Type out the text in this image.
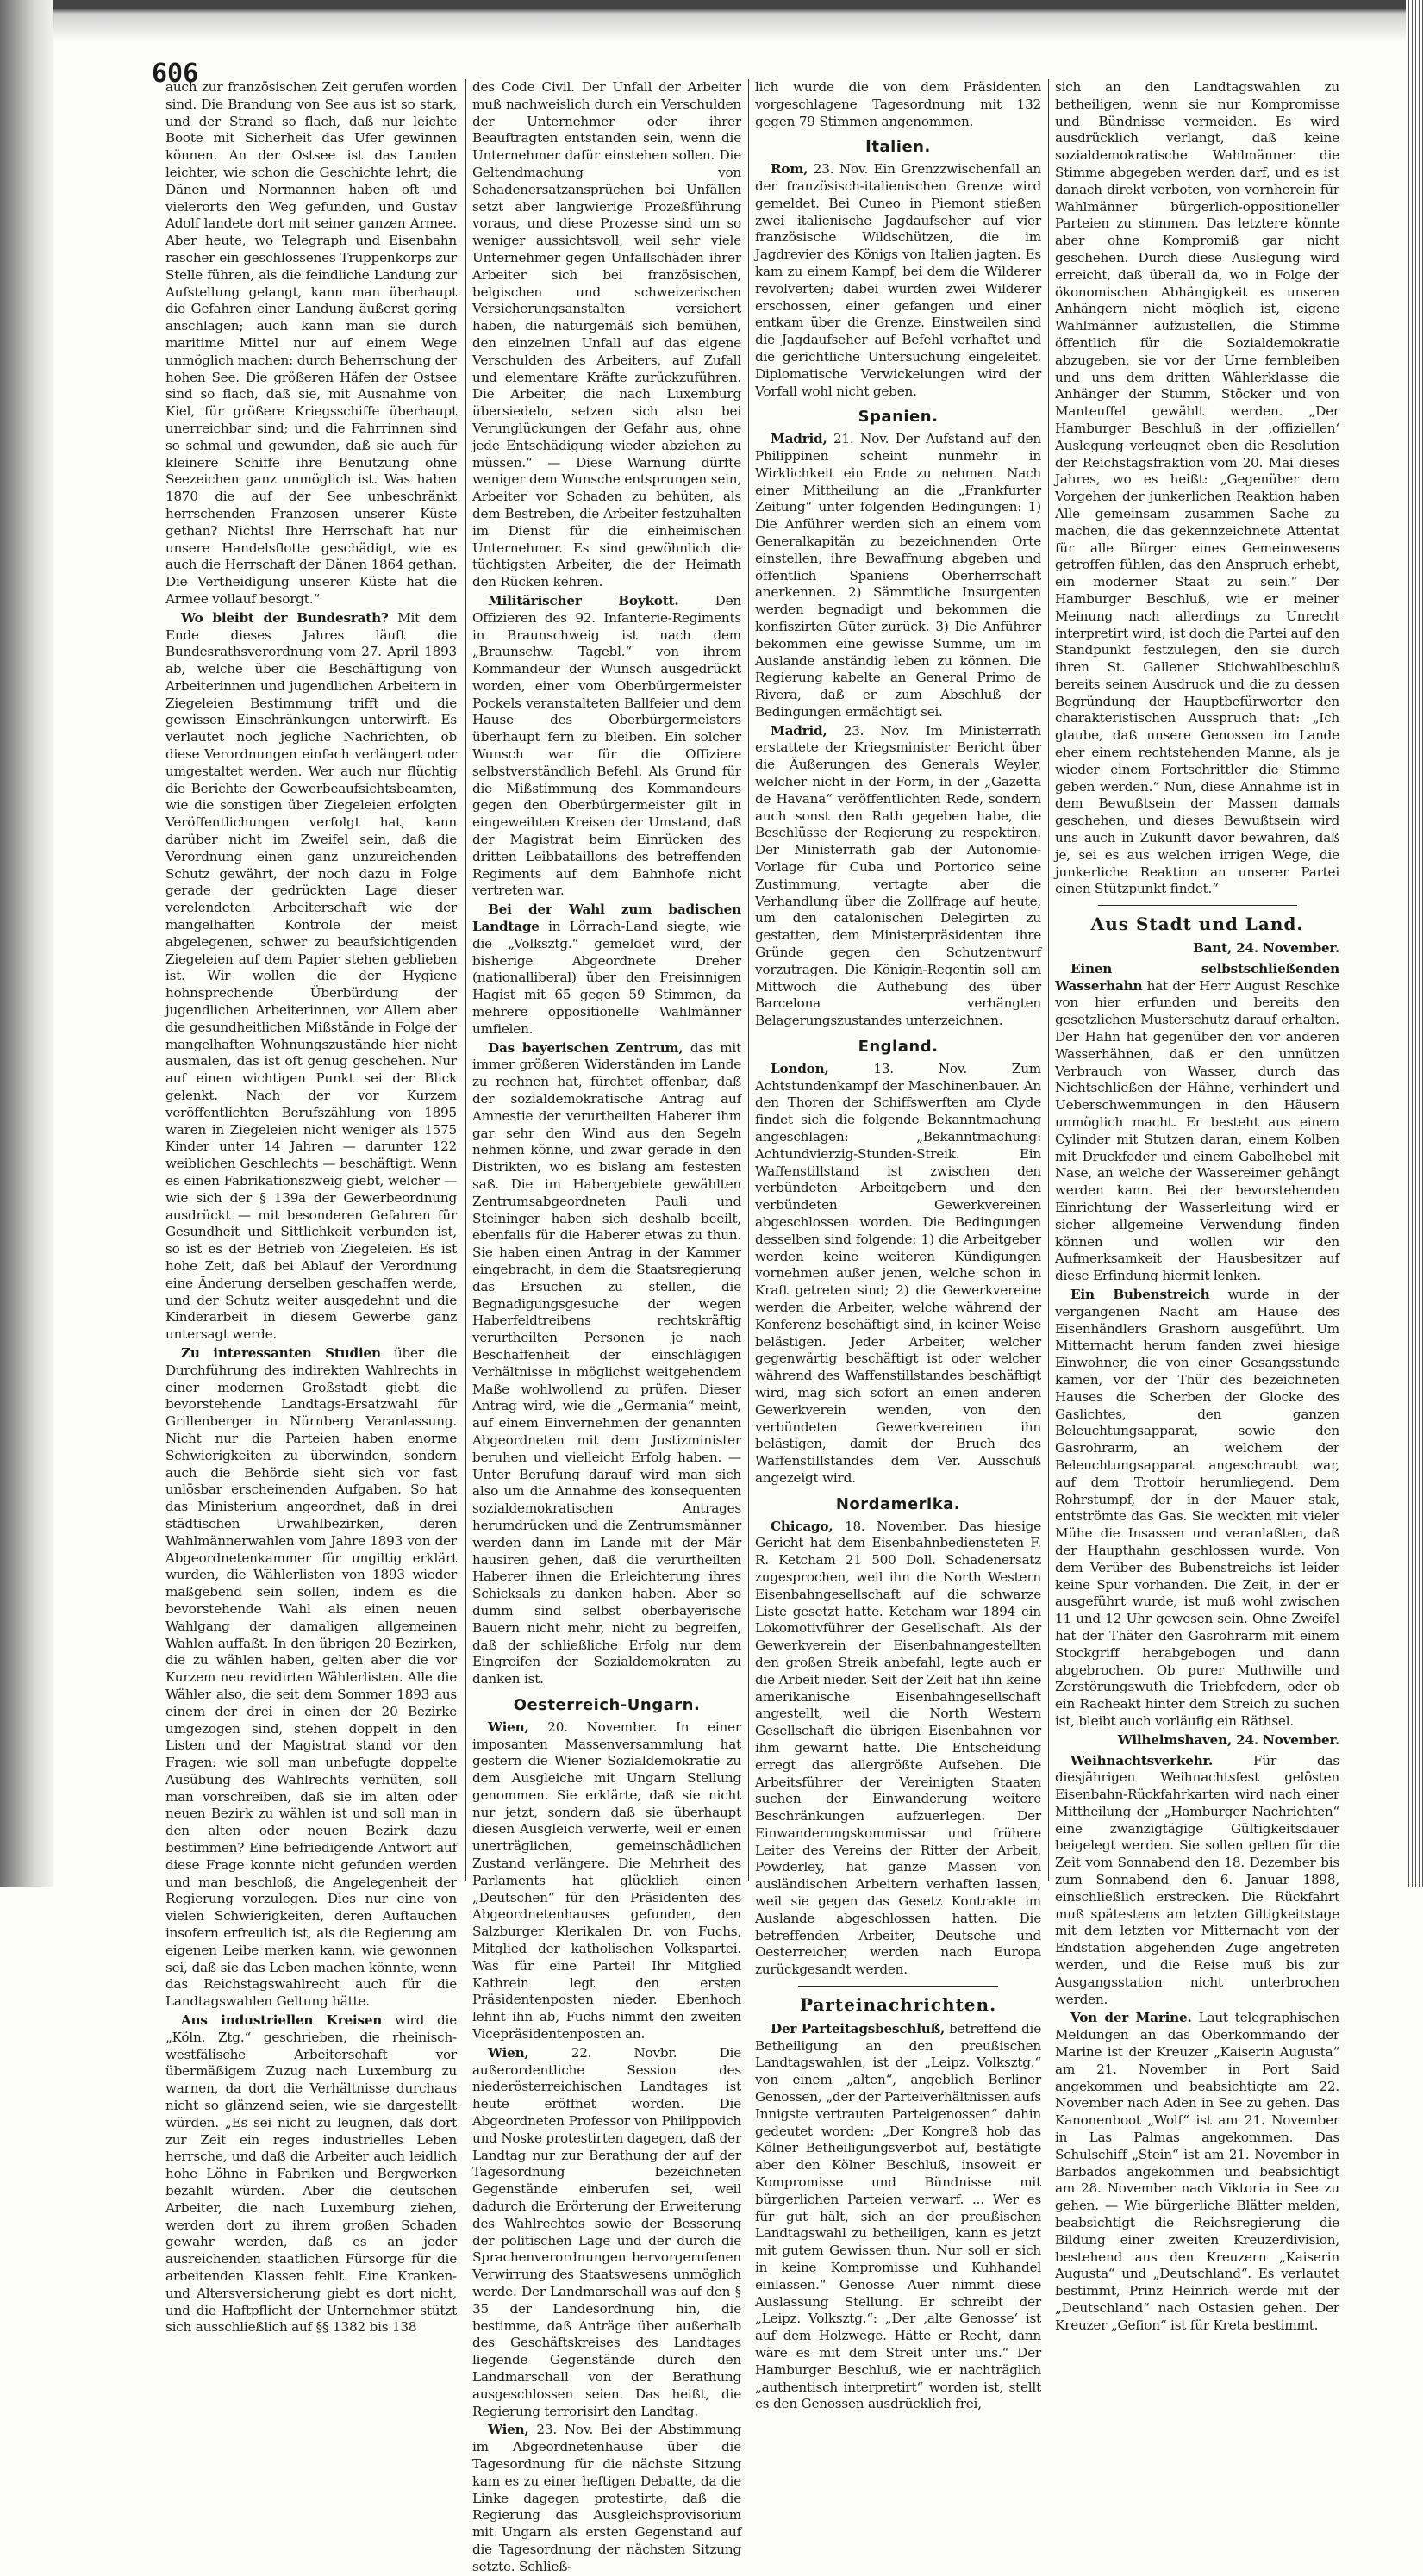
606

auch zur französischen Zeit gerufen worden sind. Die Brandung von See aus ist so stark, und der Strand so flach, daß nur leichte Boote mit Sicherheit das Ufer gewinnen können. An der Ostsee ist das Landen leichter, wie schon die Geschichte lehrt; die Dänen und Normannen haben oft und vielerorts den Weg gefunden, und Gustav Adolf landete dort mit seiner ganzen Armee. Aber heute, wo Telegraph und Eisenbahn rascher ein geschlossenes Truppenkorps zur Stelle führen, als die feindliche Landung zur Aufstellung gelangt, kann man überhaupt die Gefahren einer Landung äußerst gering anschlagen; auch kann man sie durch maritime Mittel nur auf einem Wege unmöglich machen: durch Beherrschung der hohen See. Die größeren Häfen der Ostsee sind so flach, daß sie, mit Ausnahme von Kiel, für größere Kriegsschiffe überhaupt unerreichbar sind; und die Fahrrinnen sind so schmal und gewunden, daß sie auch für kleinere Schiffe ihre Benutzung ohne Seezeichen ganz unmöglich ist. Was haben 1870 die auf der See unbeschränkt herrschenden Franzosen unserer Küste gethan? Nichts! Ihre Herrschaft hat nur unsere Handelsflotte geschädigt, wie es auch die Herrschaft der Dänen 1864 gethan. Die Vertheidigung unserer Küste hat die Armee vollauf besorgt.“

Wo bleibt der Bundesrath? Mit dem Ende dieses Jahres läuft die Bundesrathsverordnung vom 27. April 1893 ab, welche über die Beschäftigung von Arbeiterinnen und jugendlichen Arbeitern in Ziegeleien Bestimmung trifft und die gewissen Einschränkungen unterwirft. Es verlautet noch jegliche Nachrichten, ob diese Verordnungen einfach verlängert oder umgestaltet werden. Wer auch nur flüchtig die Berichte der Gewerbeaufsichtsbeamten, wie die sonstigen über Ziegeleien erfolgten Veröffentlichungen verfolgt hat, kann darüber nicht im Zweifel sein, daß die Verordnung einen ganz unzureichenden Schutz gewährt, der noch dazu in Folge gerade der gedrückten Lage dieser verelendeten Arbeiterschaft wie der mangelhaften Kontrole der meist abgelegenen, schwer zu beaufsichtigenden Ziegeleien auf dem Papier stehen geblieben ist. Wir wollen die der Hygiene hohnsprechende Überbürdung der jugendlichen Arbeiterinnen, vor Allem aber die gesundheitlichen Mißstände in Folge der mangelhaften Wohnungszustände hier nicht ausmalen, das ist oft genug geschehen. Nur auf einen wichtigen Punkt sei der Blick gelenkt. Nach der vor Kurzem veröffentlichten Berufszählung von 1895 waren in Ziegeleien nicht weniger als 1575 Kinder unter 14 Jahren — darunter 122 weiblichen Geschlechts — beschäftigt. Wenn es einen Fabrikationszweig giebt, welcher — wie sich der § 139a der Gewerbeordnung ausdrückt — mit besonderen Gefahren für Gesundheit und Sittlichkeit verbunden ist, so ist es der Betrieb von Ziegeleien. Es ist hohe Zeit, daß bei Ablauf der Verordnung eine Änderung derselben geschaffen werde, und der Schutz weiter ausgedehnt und die Kinderarbeit in diesem Gewerbe ganz untersagt werde.

Zu interessanten Studien über die Durchführung des indirekten Wahlrechts in einer modernen Großstadt giebt die bevorstehende Landtags-Ersatzwahl für Grillenberger in Nürnberg Veranlassung. Nicht nur die Parteien haben enorme Schwierigkeiten zu überwinden, sondern auch die Behörde sieht sich vor fast unlösbar erscheinenden Aufgaben. So hat das Ministerium angeordnet, daß in drei städtischen Urwahlbezirken, deren Wahlmännerwahlen vom Jahre 1893 von der Abgeordnetenkammer für ungiltig erklärt wurden, die Wählerlisten von 1893 wieder maßgebend sein sollen, indem es die bevorstehende Wahl als einen neuen Wahlgang der damaligen allgemeinen Wahlen auffaßt. In den übrigen 20 Bezirken, die zu wählen haben, gelten aber die vor Kurzem neu revidirten Wählerlisten. Alle die Wähler also, die seit dem Sommer 1893 aus einem der drei in einen der 20 Bezirke umgezogen sind, stehen doppelt in den Listen und der Magistrat stand vor den Fragen: wie soll man unbefugte doppelte Ausübung des Wahlrechts verhüten, soll man vorschreiben, daß sie im alten oder neuen Bezirk zu wählen ist und soll man in den alten oder neuen Bezirk dazu bestimmen? Eine befriedigende Antwort auf diese Frage konnte nicht gefunden werden und man beschloß, die Angelegenheit der Regierung vorzulegen. Dies nur eine von vielen Schwierigkeiten, deren Auftauchen insofern erfreulich ist, als die Regierung am eigenen Leibe merken kann, wie gewonnen sei, daß sie das Leben machen könnte, wenn das Reichstagswahlrecht auch für die Landtagswahlen Geltung hätte.

Aus industriellen Kreisen wird die „Köln. Ztg.“ geschrieben, die rheinisch-westfälische Arbeiterschaft vor übermäßigem Zuzug nach Luxemburg zu warnen, da dort die Verhältnisse durchaus nicht so glänzend seien, wie sie dargestellt würden. „Es sei nicht zu leugnen, daß dort zur Zeit ein reges industrielles Leben herrsche, und daß die Arbeiter auch leidlich hohe Löhne in Fabriken und Bergwerken bezahlt würden. Aber die deutschen Arbeiter, die nach Luxemburg ziehen, werden dort zu ihrem großen Schaden gewahr werden, daß es an jeder ausreichenden staatlichen Fürsorge für die arbeitenden Klassen fehlt. Eine Kranken- und Altersversicherung giebt es dort nicht, und die Haftpflicht der Unternehmer stützt sich ausschließlich auf §§ 1382 bis 138

des Code Civil. Der Unfall der Arbeiter muß nachweislich durch ein Verschulden der Unternehmer oder ihrer Beauftragten entstanden sein, wenn die Unternehmer dafür einstehen sollen. Die Geltendmachung von Schadenersatzansprüchen bei Unfällen setzt aber langwierige Prozeßführung voraus, und diese Prozesse sind um so weniger aussichtsvoll, weil sehr viele Unternehmer gegen Unfallschäden ihrer Arbeiter sich bei französischen, belgischen und schweizerischen Versicherungsanstalten versichert haben, die naturgemäß sich bemühen, den einzelnen Unfall auf das eigene Verschulden des Arbeiters, auf Zufall und elementare Kräfte zurückzuführen. Die Arbeiter, die nach Luxemburg übersiedeln, setzen sich also bei Verunglückungen der Gefahr aus, ohne jede Entschädigung wieder abziehen zu müssen.“ — Diese Warnung dürfte weniger dem Wunsche entsprungen sein, Arbeiter vor Schaden zu behüten, als dem Bestreben, die Arbeiter festzuhalten im Dienst für die einheimischen Unternehmer. Es sind gewöhnlich die tüchtigsten Arbeiter, die der Heimath den Rücken kehren.

Militärischer Boykott. Den Offizieren des 92. Infanterie-Regiments in Braunschweig ist nach dem „Braunschw. Tagebl.“ von ihrem Kommandeur der Wunsch ausgedrückt worden, einer vom Oberbürgermeister Pockels veranstalteten Ballfeier und dem Hause des Oberbürgermeisters überhaupt fern zu bleiben. Ein solcher Wunsch war für die Offiziere selbstverständlich Befehl. Als Grund für die Mißstimmung des Kommandeurs gegen den Oberbürgermeister gilt in eingeweihten Kreisen der Umstand, daß der Magistrat beim Einrücken des dritten Leibbataillons des betreffenden Regiments auf dem Bahnhofe nicht vertreten war.

Bei der Wahl zum badischen Landtage in Lörrach-Land siegte, wie die „Volksztg.“ gemeldet wird, der bisherige Abgeordnete Dreher (nationalliberal) über den Freisinnigen Hagist mit 65 gegen 59 Stimmen, da mehrere oppositionelle Wahlmänner umfielen.

Das bayerischen Zentrum, das mit immer größeren Widerständen im Lande zu rechnen hat, fürchtet offenbar, daß der sozialdemokratische Antrag auf Amnestie der verurtheilten Haberer ihm gar sehr den Wind aus den Segeln nehmen könne, und zwar gerade in den Distrikten, wo es bislang am festesten saß. Die im Habergebiete gewählten Zentrumsabgeordneten Pauli und Steininger haben sich deshalb beeilt, ebenfalls für die Haberer etwas zu thun. Sie haben einen Antrag in der Kammer eingebracht, in dem die Staatsregierung das Ersuchen zu stellen, die Begnadigungsgesuche der wegen Haberfeldtreibens rechtskräftig verurtheilten Personen je nach Beschaffenheit der einschlägigen Verhältnisse in möglichst weitgehendem Maße wohlwollend zu prüfen. Dieser Antrag wird, wie die „Germania“ meint, auf einem Einvernehmen der genannten Abgeordneten mit dem Justizminister beruhen und vielleicht Erfolg haben. — Unter Berufung darauf wird man sich also um die Annahme des konsequenten sozialdemokratischen Antrages herumdrücken und die Zentrumsmänner werden dann im Lande mit der Mär hausiren gehen, daß die verurtheilten Haberer ihnen die Erleichterung ihres Schicksals zu danken haben. Aber so dumm sind selbst oberbayerische Bauern nicht mehr, nicht zu begreifen, daß der schließliche Erfolg nur dem Eingreifen der Sozialdemokraten zu danken ist.

Oesterreich-Ungarn.

Wien, 20. November. In einer imposanten Massenversammlung hat gestern die Wiener Sozialdemokratie zu dem Ausgleiche mit Ungarn Stellung genommen. Sie erklärte, daß sie nicht nur jetzt, sondern daß sie überhaupt diesen Ausgleich verwerfe, weil er einen unerträglichen, gemeinschädlichen Zustand verlängere. Die Mehrheit des Parlaments hat glücklich einen „Deutschen“ für den Präsidenten des Abgeordnetenhauses gefunden, den Salzburger Klerikalen Dr. von Fuchs, Mitglied der katholischen Volkspartei. Was für eine Partei! Ihr Mitglied Kathrein legt den ersten Präsidentenposten nieder. Ebenhoch lehnt ihn ab, Fuchs nimmt den zweiten Vicepräsidentenposten an.

Wien, 22. Novbr. Die außerordentliche Session des niederösterreichischen Landtages ist heute eröffnet worden. Die Abgeordneten Professor von Philippovich und Noske protestirten dagegen, daß der Landtag nur zur Berathung der auf der Tagesordnung bezeichneten Gegenstände einberufen sei, weil dadurch die Erörterung der Erweiterung des Wahlrechtes sowie der Besserung der politischen Lage und der durch die Sprachenverordnungen hervorgerufenen Verwirrung des Staatswesens unmöglich werde. Der Landmarschall was auf den § 35 der Landesordnung hin, die bestimme, daß Anträge über außerhalb des Geschäftskreises des Landtages liegende Gegenstände durch den Landmarschall von der Berathung ausgeschlossen seien. Das heißt, die Regierung terrorisirt den Landtag.

Wien, 23. Nov. Bei der Abstimmung im Abgeordnetenhause über die Tagesordnung für die nächste Sitzung kam es zu einer heftigen Debatte, da die Linke dagegen protestirte, daß die Regierung das Ausgleichsprovisorium mit Ungarn als ersten Gegenstand auf die Tagesordnung der nächsten Sitzung setzte. Schließ-

lich wurde die von dem Präsidenten vorgeschlagene Tagesordnung mit 132 gegen 79 Stimmen angenommen.

Italien.

Rom, 23. Nov. Ein Grenzzwischenfall an der französisch-italienischen Grenze wird gemeldet. Bei Cuneo in Piemont stießen zwei italienische Jagdaufseher auf vier französische Wildschützen, die im Jagdrevier des Königs von Italien jagten. Es kam zu einem Kampf, bei dem die Wilderer revolverten; dabei wurden zwei Wilderer erschossen, einer gefangen und einer entkam über die Grenze. Einstweilen sind die Jagdaufseher auf Befehl verhaftet und die gerichtliche Untersuchung eingeleitet. Diplomatische Verwickelungen wird der Vorfall wohl nicht geben.

Spanien.

Madrid, 21. Nov. Der Aufstand auf den Philippinen scheint nunmehr in Wirklichkeit ein Ende zu nehmen. Nach einer Mittheilung an die „Frankfurter Zeitung“ unter folgenden Bedingungen: 1) Die Anführer werden sich an einem vom Generalkapitän zu bezeichnenden Orte einstellen, ihre Bewaffnung abgeben und öffentlich Spaniens Oberherrschaft anerkennen. 2) Sämmtliche Insurgenten werden begnadigt und bekommen die konfiszirten Güter zurück. 3) Die Anführer bekommen eine gewisse Summe, um im Auslande anständig leben zu können. Die Regierung kabelte an General Primo de Rivera, daß er zum Abschluß der Bedingungen ermächtigt sei.

Madrid, 23. Nov. Im Ministerrath erstattete der Kriegsminister Bericht über die Äußerungen des Generals Weyler, welcher nicht in der Form, in der „Gazetta de Havana“ veröffentlichten Rede, sondern auch sonst den Rath gegeben habe, die Beschlüsse der Regierung zu respektiren. Der Ministerrath gab der Autonomie-Vorlage für Cuba und Portorico seine Zustimmung, vertagte aber die Verhandlung über die Zollfrage auf heute, um den catalonischen Delegirten zu gestatten, dem Ministerpräsidenten ihre Gründe gegen den Schutzentwurf vorzutragen. Die Königin-Regentin soll am Mittwoch die Aufhebung des über Barcelona verhängten Belagerungszustandes unterzeichnen.

England.

London, 13. Nov. Zum Achtstundenkampf der Maschinenbauer. An den Thoren der Schiffswerften am Clyde findet sich die folgende Bekanntmachung angeschlagen: „Bekanntmachung: Achtundvierzig-Stunden-Streik. Ein Waffenstillstand ist zwischen den verbündeten Arbeitgebern und den verbündeten Gewerkvereinen abgeschlossen worden. Die Bedingungen desselben sind folgende: 1) die Arbeitgeber werden keine weiteren Kündigungen vornehmen außer jenen, welche schon in Kraft getreten sind; 2) die Gewerkvereine werden die Arbeiter, welche während der Konferenz beschäftigt sind, in keiner Weise belästigen. Jeder Arbeiter, welcher gegenwärtig beschäftigt ist oder welcher während des Waffenstillstandes beschäftigt wird, mag sich sofort an einen anderen Gewerkverein wenden, von den verbündeten Gewerkvereinen ihn belästigen, damit der Bruch des Waffenstillstandes dem Ver. Ausschuß angezeigt wird.

Nordamerika.

Chicago, 18. November. Das hiesige Gericht hat dem Eisenbahnbediensteten F. R. Ketcham 21 500 Doll. Schadenersatz zugesprochen, weil ihn die North Western Eisenbahngesellschaft auf die schwarze Liste gesetzt hatte. Ketcham war 1894 ein Lokomotivführer der Gesellschaft. Als der Gewerkverein der Eisenbahnangestellten den großen Streik anbefahl, legte auch er die Arbeit nieder. Seit der Zeit hat ihn keine amerikanische Eisenbahngesellschaft angestellt, weil die North Western Gesellschaft die übrigen Eisenbahnen vor ihm gewarnt hatte. Die Entscheidung erregt das allergrößte Aufsehen. Die Arbeitsführer der Vereinigten Staaten suchen der Einwanderung weitere Beschränkungen aufzuerlegen. Der Einwanderungskommissar und frühere Leiter des Vereins der Ritter der Arbeit, Powderley, hat ganze Massen von ausländischen Arbeitern verhaften lassen, weil sie gegen das Gesetz Kontrakte im Auslande abgeschlossen hatten. Die betreffenden Arbeiter, Deutsche und Oesterreicher, werden nach Europa zurückgesandt werden.

Parteinachrichten.

Der Parteitagsbeschluß, betreffend die Betheiligung an den preußischen Landtagswahlen, ist der „Leipz. Volksztg.“ von einem „alten“, angeblich Berliner Genossen, „der der Parteiverhältnissen aufs Innigste vertrauten Parteigenossen“ dahin gedeutet worden: „Der Kongreß hob das Kölner Betheiligungsverbot auf, bestätigte aber den Kölner Beschluß, insoweit er Kompromisse und Bündnisse mit bürgerlichen Parteien verwarf. ... Wer es für gut hält, sich an der preußischen Landtagswahl zu betheiligen, kann es jetzt mit gutem Gewissen thun. Nur soll er sich in keine Kompromisse und Kuhhandel einlassen.“ Genosse Auer nimmt diese Auslassung Stellung. Er schreibt der „Leipz. Volksztg.“: „Der ‚alte Genosse‘ ist auf dem Holzwege. Hätte er Recht, dann wäre es mit dem Streit unter uns.“ Der Hamburger Beschluß, wie er nachträglich „authentisch interpretirt“ worden ist, stellt es den Genossen ausdrücklich frei,

sich an den Landtagswahlen zu betheiligen, wenn sie nur Kompromisse und Bündnisse vermeiden. Es wird ausdrücklich verlangt, daß keine sozialdemokratische Wahlmänner die Stimme abgegeben werden darf, und es ist danach direkt verboten, von vornherein für Wahlmänner bürgerlich-oppositioneller Parteien zu stimmen. Das letztere könnte aber ohne Kompromiß gar nicht geschehen. Durch diese Auslegung wird erreicht, daß überall da, wo in Folge der ökonomischen Abhängigkeit es unseren Anhängern nicht möglich ist, eigene Wahlmänner aufzustellen, die Stimme öffentlich für die Sozialdemokratie abzugeben, sie vor der Urne fernbleiben und uns dem dritten Wählerklasse die Anhänger der Stumm, Stöcker und von Manteuffel gewählt werden. „Der Hamburger Beschluß in der ‚offiziellen‘ Auslegung verleugnet eben die Resolution der Reichstagsfraktion vom 20. Mai dieses Jahres, wo es heißt: „Gegenüber dem Vorgehen der junkerlichen Reaktion haben Alle gemeinsam zusammen Sache zu machen, die das gekennzeichnete Attentat für alle Bürger eines Gemeinwesens getroffen fühlen, das den Anspruch erhebt, ein moderner Staat zu sein.“ Der Hamburger Beschluß, wie er meiner Meinung nach allerdings zu Unrecht interpretirt wird, ist doch die Partei auf den Standpunkt festzulegen, den sie durch ihren St. Gallener Stichwahlbeschluß bereits seinen Ausdruck und die zu dessen Begründung der Hauptbefürworter den charakteristischen Ausspruch that: „Ich glaube, daß unsere Genossen im Lande eher einem rechtstehenden Manne, als je wieder einem Fortschrittler die Stimme geben werden.“ Nun, diese Annahme ist in dem Bewußtsein der Massen damals geschehen, und dieses Bewußtsein wird uns auch in Zukunft davor bewahren, daß je, sei es aus welchen irrigen Wege, die junkerliche Reaktion an unserer Partei einen Stützpunkt findet.“

Aus Stadt und Land.
Bant, 24. November.

Einen selbstschließenden Wasserhahn hat der Herr August Reschke von hier erfunden und bereits den gesetzlichen Musterschutz darauf erhalten. Der Hahn hat gegenüber den vor anderen Wasserhähnen, daß er den unnützen Verbrauch von Wasser, durch das Nichtschließen der Hähne, verhindert und Ueberschwemmungen in den Häusern unmöglich macht. Er besteht aus einem Cylinder mit Stutzen daran, einem Kolben mit Druckfeder und einem Gabelhebel mit Nase, an welche der Wassereimer gehängt werden kann. Bei der bevorstehenden Einrichtung der Wasserleitung wird er sicher allgemeine Verwendung finden können und wollen wir den Aufmerksamkeit der Hausbesitzer auf diese Erfindung hiermit lenken.

Ein Bubenstreich wurde in der vergangenen Nacht am Hause des Eisenhändlers Grashorn ausgeführt. Um Mitternacht herum fanden zwei hiesige Einwohner, die von einer Gesangsstunde kamen, vor der Thür des bezeichneten Hauses die Scherben der Glocke des Gaslichtes, den ganzen Beleuchtungsapparat, sowie den Gasrohrarm, an welchem der Beleuchtungsapparat angeschraubt war, auf dem Trottoir herumliegend. Dem Rohrstumpf, der in der Mauer stak, entströmte das Gas. Sie weckten mit vieler Mühe die Insassen und veranlaßten, daß der Haupthahn geschlossen wurde. Von dem Verüber des Bubenstreichs ist leider keine Spur vorhanden. Die Zeit, in der er ausgeführt wurde, ist muß wohl zwischen 11 und 12 Uhr gewesen sein. Ohne Zweifel hat der Thäter den Gasrohrarm mit einem Stockgriff herabgebogen und dann abgebrochen. Ob purer Muthwille und Zerstörungswuth die Triebfedern, oder ob ein Racheakt hinter dem Streich zu suchen ist, bleibt auch vorläufig ein Räthsel.

Wilhelmshaven, 24. November.

Weihnachtsverkehr. Für das diesjährigen Weihnachtsfest gelösten Eisenbahn-Rückfahrkarten wird nach einer Mittheilung der „Hamburger Nachrichten“ eine zwanzigtägige Gültigkeitsdauer beigelegt werden. Sie sollen gelten für die Zeit vom Sonnabend den 18. Dezember bis zum Sonnabend den 6. Januar 1898, einschließlich erstrecken. Die Rückfahrt muß spätestens am letzten Giltigkeitstage mit dem letzten vor Mitternacht von der Endstation abgehenden Zuge angetreten werden, und die Reise muß bis zur Ausgangsstation nicht unterbrochen werden.

Von der Marine. Laut telegraphischen Meldungen an das Oberkommando der Marine ist der Kreuzer „Kaiserin Augusta“ am 21. November in Port Said angekommen und beabsichtigte am 22. November nach Aden in See zu gehen. Das Kanonenboot „Wolf“ ist am 21. November in Las Palmas angekommen. Das Schulschiff „Stein“ ist am 21. November in Barbados angekommen und beabsichtigt am 28. November nach Viktoria in See zu gehen. — Wie bürgerliche Blätter melden, beabsichtigt die Reichsregierung die Bildung einer zweiten Kreuzerdivision, bestehend aus den Kreuzern „Kaiserin Augusta“ und „Deutschland“. Es verlautet bestimmt, Prinz Heinrich werde mit der „Deutschland“ nach Ostasien gehen. Der Kreuzer „Gefion“ ist für Kreta bestimmt.
